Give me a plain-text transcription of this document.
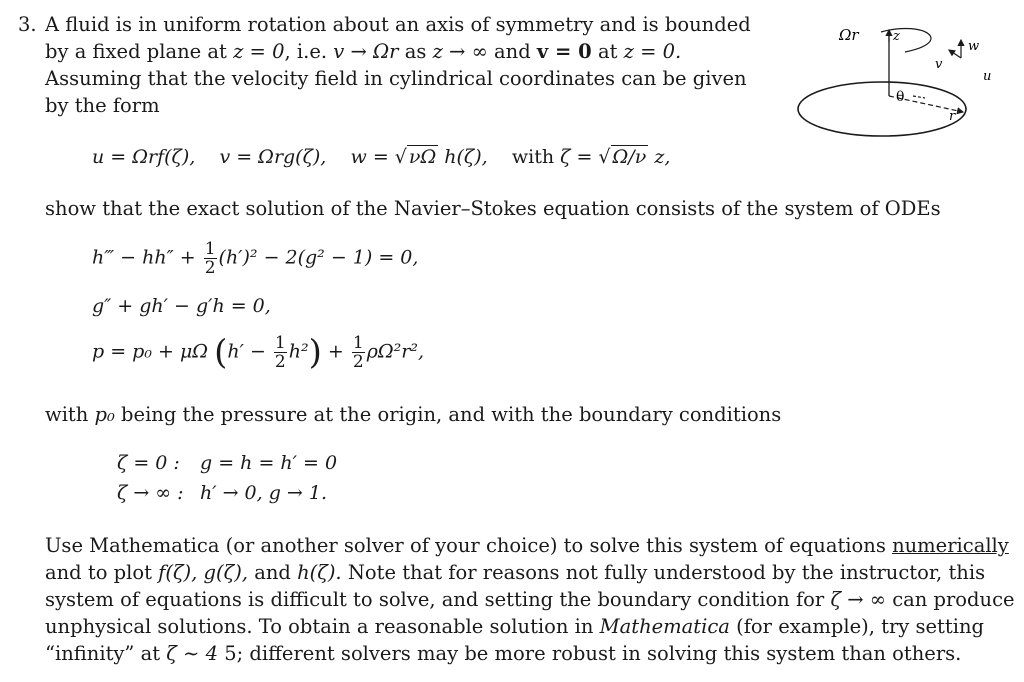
3. A fluid is in uniform rotation about an axis of symmetry and is bounded
by a fixed plane at z = 0, i.e. v → Ωr as z → ∞ and v = 0 at z = 0.
Assuming that the velocity field in cylindrical coordinates can be given
by the form
u = Ωrf(ζ), v = Ωrg(ζ), w = √ νΩ h(ζ), with ζ = √ Ω/ν z,
show that the exact solution of the Navier–Stokes equation consists of the system of ODEs
h‴ − $hh'' + \frac{1}{2} (h')^2 - 2(g^2 - 1) = 0$,
g″ + gh′ − g′h = 0,
p = p₀ + μΩ $(h' - \frac{1}{2} h^2) + \frac{1}{2} \rho\Omega^2r^2$,
with p₀ being the pressure at the origin, and with the boundary conditions
ζ = 0 : g = h = h′ = 0
ζ → ∞ : h′ → 0, g → 1.
Use Mathematica (or another solver of your choice) to solve this system of equations numerically
and to plot f(ζ), g(ζ), and h(ζ). Note that for reasons not fully understood by the instructor, this
system of equations is difficult to solve, and setting the boundary condition for ζ → ∞ can produce
unphysical solutions. To obtain a reasonable solution in Mathematica (for example), try setting
“infinity” at ζ ∼ 4 5; different solvers may be more robust in solving this system than others.
Ωr	z
θ
r
v
w
u
